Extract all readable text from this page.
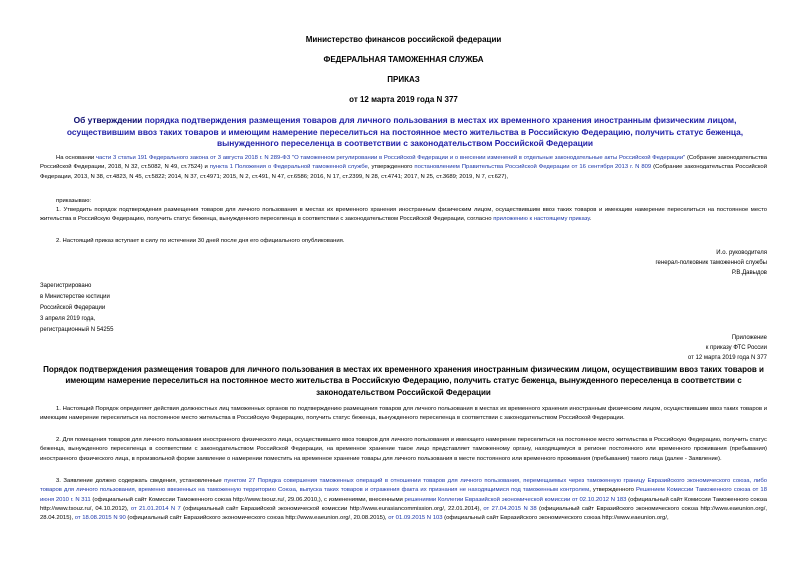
Министерство финансов российской федерации
ФЕДЕРАЛЬНАЯ ТАМОЖЕННАЯ СЛУЖБА
ПРИКАЗ
от 12 марта 2019 года N 377
Об утверждении порядка подтверждения размещения товаров для личного пользования в местах их временного хранения иностранным физическим лицом, осуществившим ввоз таких товаров и имеющим намерение переселиться на постоянное место жительства в Российскую Федерацию, получить статус беженца, вынужденного переселенца в соответствии с законодательством Российской Федерации
На основании части 3 статьи 191 Федерального закона от 3 августа 2018 г. N 289-ФЗ "О таможенном регулировании в Российской Федерации и о внесении изменений в отдельные законодательные акты Российской Федерации" (Собрание законодательства Российской Федерации, 2018, N 32, ст.5082, N 49, ст.7524) и пункта 1 Положения о Федеральной таможенной службе, утвержденного постановлением Правительства Российской Федерации от 16 сентября 2013 г. N 809 (Собрание законодательства Российской Федерации, 2013, N 38, ст.4823, N 45, ст.5822; 2014, N 37, ст.4971; 2015, N 2, ст.491, N 47, ст.6586; 2016, N 17, ст.2399, N 28, ст.4741; 2017, N 25, ст.3689; 2019, N 7, ст.627),
приказываю:
1. Утвердить порядок подтверждения размещения товаров для личного пользования в местах их временного хранения иностранным физическим лицом, осуществившим ввоз таких товаров и имеющим намерение переселиться на постоянное место жительства в Российскую Федерацию, получить статус беженца, вынужденного переселенца в соответствии с законодательством Российской Федерации, согласно приложению к настоящему приказу.
2. Настоящий приказ вступает в силу по истечении 30 дней после дня его официального опубликования.
И.о. руководителя
генерал-полковник таможенной службы
Р.В.Давыдов
Зарегистрировано
в Министерстве юстиции
Российской Федерации
3 апреля 2019 года,
регистрационный N 54255
Приложение
к приказу ФТС России
от 12 марта 2019 года N 377
Порядок подтверждения размещения товаров для личного пользования в местах их временного хранения иностранным физическим лицом, осуществившим ввоз таких товаров и имеющим намерение переселиться на постоянное место жительства в Российскую Федерацию, получить статус беженца, вынужденного переселенца в соответствии с законодательством Российской Федерации
1. Настоящий Порядок определяет действия должностных лиц таможенных органов по подтверждению размещения товаров для личного пользования в местах их временного хранения иностранным физическим лицом, осуществившим ввоз таких товаров и имеющим намерение переселиться на постоянное место жительства в Российскую Федерацию, получить статус беженца, вынужденного переселенца в соответствии с законодательством Российской Федерации.
2. Для помещения товаров для личного пользования иностранного физического лица, осуществившего ввоз товаров для личного пользования и имеющего намерение переселиться на постоянное место жительства в Российскую Федерацию, получить статус беженца, вынужденного переселенца в соответствии с законодательством Российской Федерации, на временное хранение такое лицо представляет таможенному органу, находящемуся в регионе постоянного или временного проживания (пребывания) иностранного физического лица, в произвольной форме заявление о намерении поместить на временное хранение товары для личного пользования в месте постоянного или временного проживания (пребывания) такого лица (далее - Заявление).
3. Заявление должно содержать сведения, установленные пунктом 27 Порядка совершения таможенных операций в отношении товаров для личного пользования, перемещаемых через таможенную границу Евразийского экономического союза, либо товаров для личного пользования, временно ввезенных на таможенную территорию Союза, выпуска таких товаров и отражения факта их признания не находящимися под таможенным контролем, утвержденного Решением Комиссии Таможенного союза от 18 июня 2010 г. N 311 (официальный сайт Комиссии Таможенного союза http://www.tsouz.ru/, 29.06.2010,), с изменениями, внесенными решениями Коллегии Евразийской экономической комиссии от 02.10.2012 N 183 (официальный сайт Комиссии Таможенного союза http://www.tsouz.ru/, 04.10.2012), от 21.01.2014 N 7 (официальный сайт Евразийской экономической комиссии http://www.eurasiancommission.org/, 22.01.2014), от 27.04.2015 N 38 (официальный сайт Евразийского экономического союза http://www.eaeunion.org/, 28.04.2015), от 18.08.2015 N 90 (официальный сайт Евразийского экономического союза http://www.eaeunion.org/, 20.08.2015), от 01.09.2015 N 103 (официальный сайт Евразийского экономического союза http://www.eaeunion.org/,
